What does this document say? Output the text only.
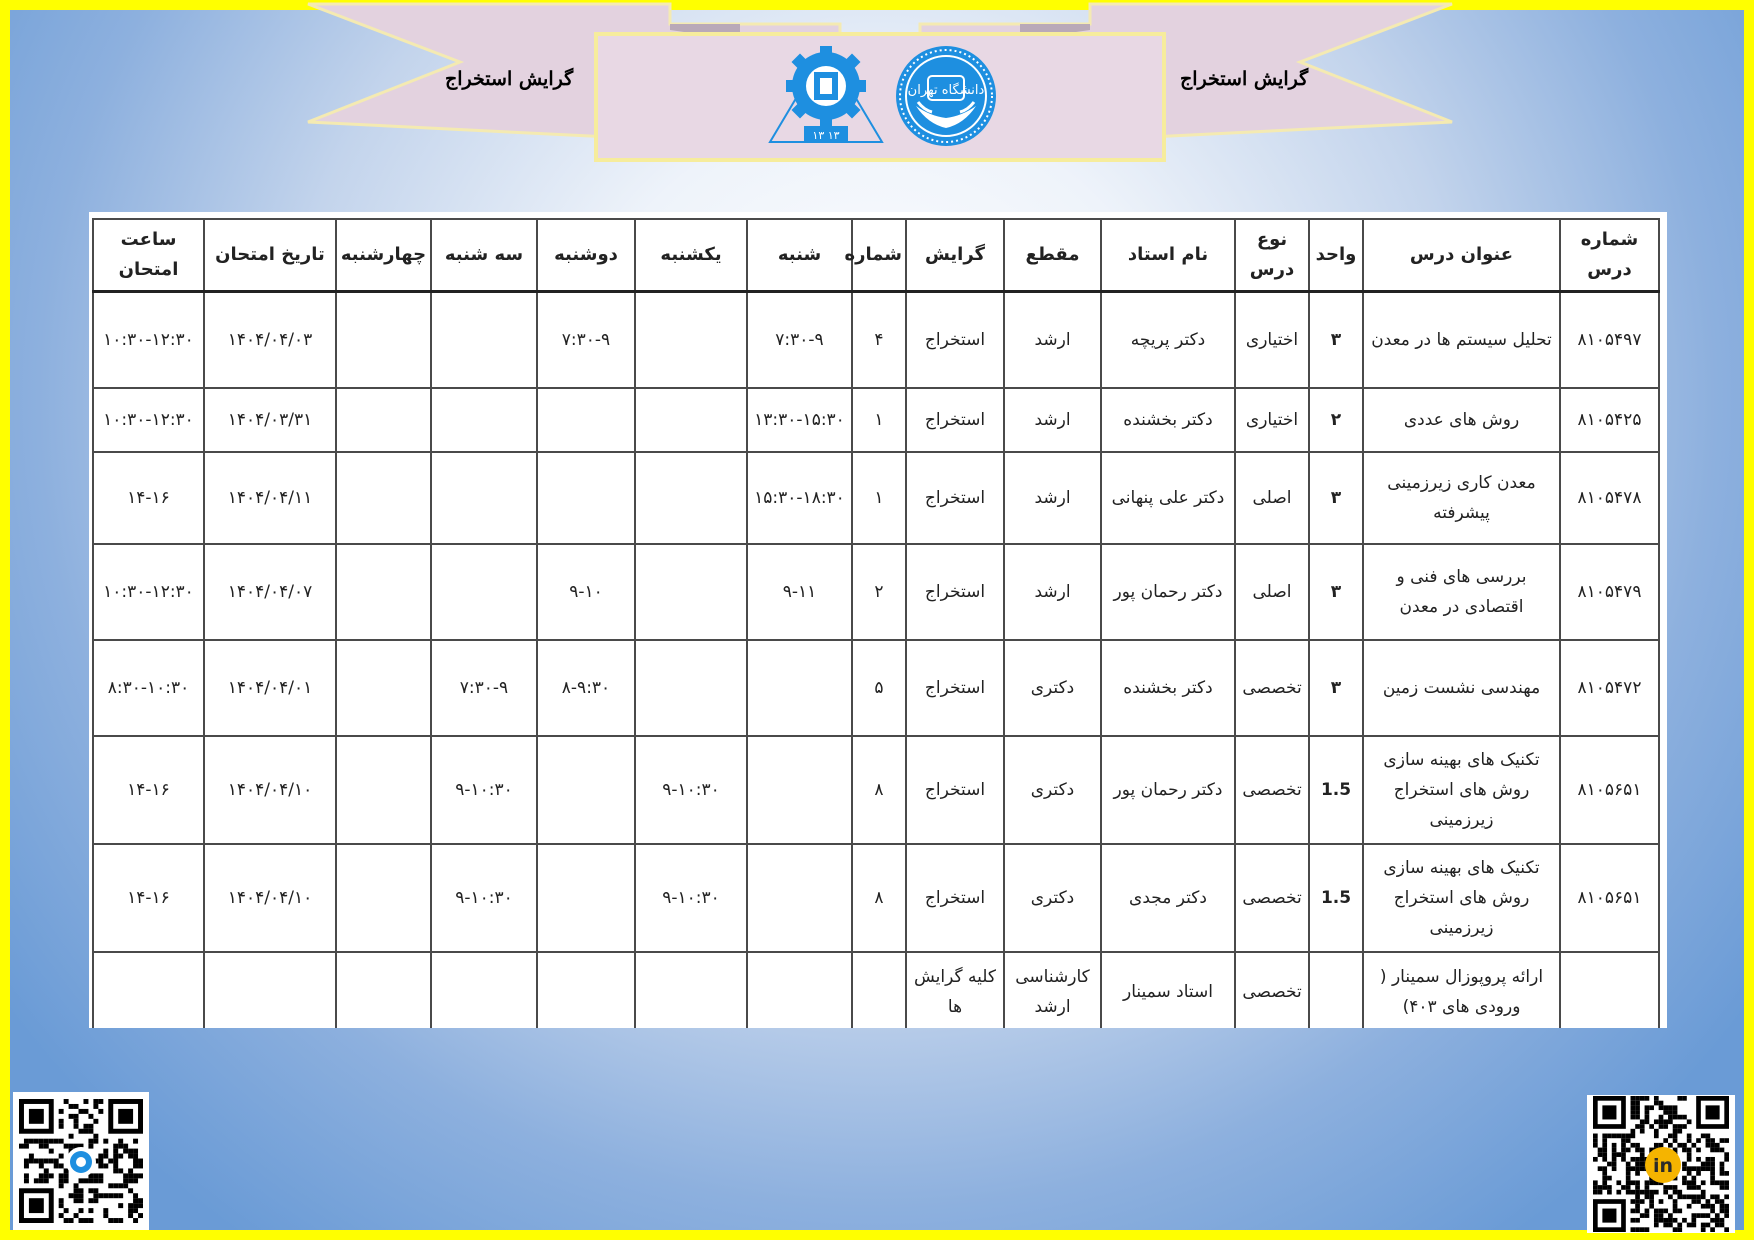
گرایش استخراج
گرایش استخراج
دانشگاه تهران
۱۳ ۱۳
شماره درس	عنوان درس	واحد	نوع درس	نام استاد	مقطع	گرایش	شماره	شنبه	یکشنبه	دوشنبه	سه شنبه	چهارشنبه	تاریخ امتحان	ساعت امتحان
۸۱۰۵۴۹۷	تحلیل سیستم ها در معدن	۳	اختیاری	دکتر پریچه	ارشد	استخراج	۴	۷:۳۰-۹		۷:۳۰-۹			۱۴۰۴/۰۴/۰۳	۱۰:۳۰-۱۲:۳۰
۸۱۰۵۴۲۵	روش های عددی	۲	اختیاری	دکتر بخشنده	ارشد	استخراج	۱	۱۳:۳۰-۱۵:۳۰					۱۴۰۴/۰۳/۳۱	۱۰:۳۰-۱۲:۳۰
۸۱۰۵۴۷۸	معدن کاری زیرزمینی پیشرفته	۳	اصلی	دکتر علی پنهانی	ارشد	استخراج	۱	۱۵:۳۰-۱۸:۳۰					۱۴۰۴/۰۴/۱۱	۱۴-۱۶
۸۱۰۵۴۷۹	بررسی های فنی و اقتصادی در معدن	۳	اصلی	دکتر رحمان پور	ارشد	استخراج	۲	۹-۱۱		۹-۱۰			۱۴۰۴/۰۴/۰۷	۱۰:۳۰-۱۲:۳۰
۸۱۰۵۴۷۲	مهندسی نشست زمین	۳	تخصصی	دکتر بخشنده	دکتری	استخراج	۵			۸-۹:۳۰	۷:۳۰-۹		۱۴۰۴/۰۴/۰۱	۸:۳۰-۱۰:۳۰
۸۱۰۵۶۵۱	تکنیک های بهینه سازی روش های استخراج زیرزمینی	1.5	تخصصی	دکتر رحمان پور	دکتری	استخراج	۸		۹-۱۰:۳۰		۹-۱۰:۳۰		۱۴۰۴/۰۴/۱۰	۱۴-۱۶
۸۱۰۵۶۵۱	تکنیک های بهینه سازی روش های استخراج زیرزمینی	1.5	تخصصی	دکتر مجدی	دکتری	استخراج	۸		۹-۱۰:۳۰		۹-۱۰:۳۰		۱۴۰۴/۰۴/۱۰	۱۴-۱۶
	ارائه پروپوزال سمینار ( ورودی های ۴۰۳)		تخصصی	استاد سمینار	کارشناسی ارشد	کلیه گرایش ها								
in
